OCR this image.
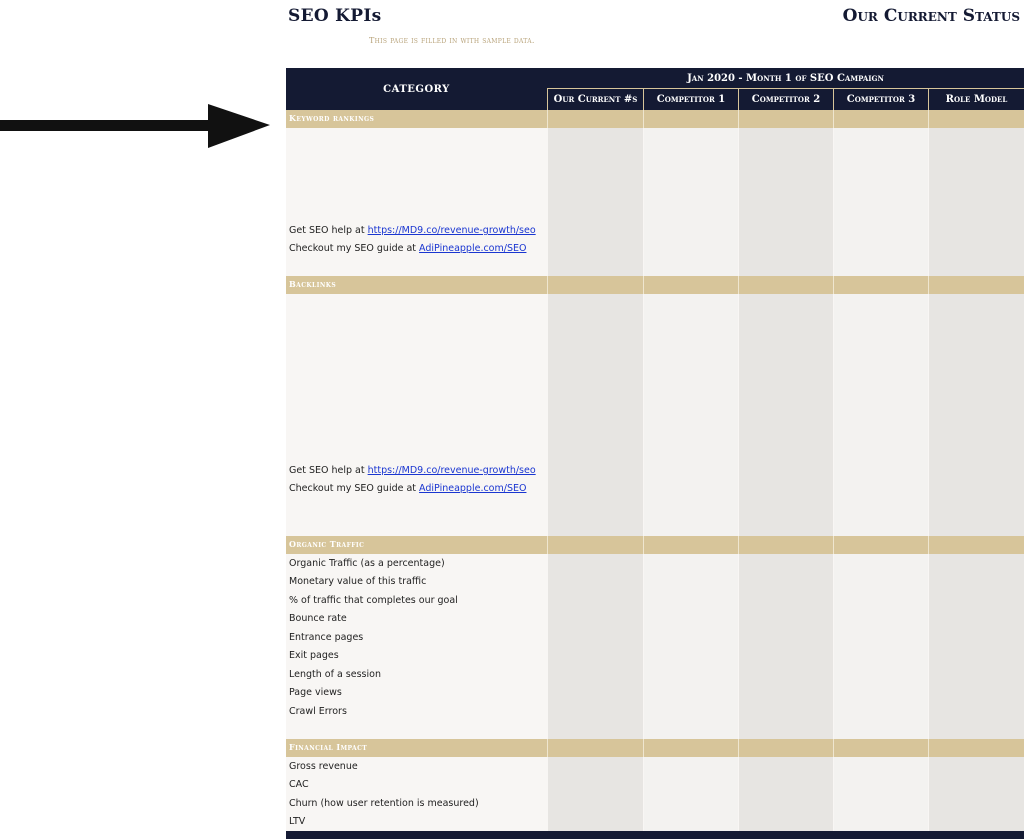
SEO KPIs	Our Current Status
This page is filled in with sample data.
CATEGORY
Jan 2020 - Month 1 of SEO Campaign
Our Current #s	Competitor 1	Competitor 2	Competitor 3	Role Model
Keyword rankings
Get SEO help at https://MD9.co/revenue-growth/seo
Checkout my SEO guide at AdiPineapple.com/SEO
Backlinks
Get SEO help at https://MD9.co/revenue-growth/seo
Checkout my SEO guide at AdiPineapple.com/SEO
Organic Traffic
Organic Traffic (as a percentage)
Monetary value of this traffic
% of traffic that completes our goal
Bounce rate
Entrance pages
Exit pages
Length of a session
Page views
Crawl Errors
Financial Impact
Gross revenue
CAC
Churn (how user retention is measured)
LTV
